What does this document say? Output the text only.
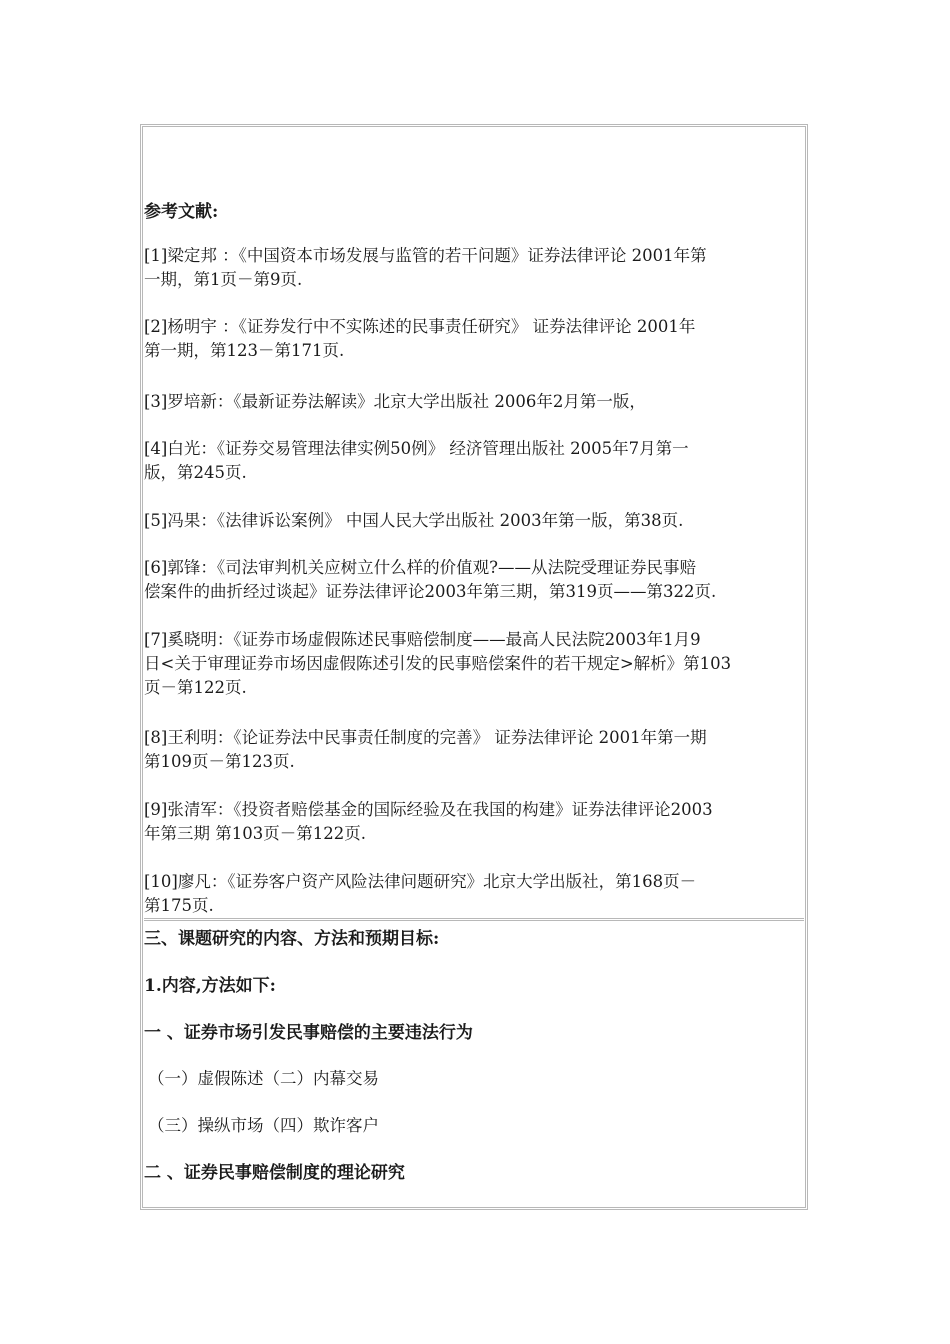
参考文献:
[1]梁定邦 ：《中国资本市场发展与监管的若干问题》证券法律评论 2001年第
一期，第1页－第9页.
[2]杨明宇 ：《证券发行中不实陈述的民事责任研究》 证券法律评论 2001年
第一期，第123－第171页.
[3]罗培新：《最新证券法解读》北京大学出版社 2006年2月第一版，
[4]白光：《证券交易管理法律实例50例》 经济管理出版社 2005年7月第一
版，第245页.
[5]冯果：《法律诉讼案例》 中国人民大学出版社 2003年第一版，第38页.
[6]郭锋：《司法审判机关应树立什么样的价值观?——从法院受理证券民事赔
偿案件的曲折经过谈起》证券法律评论2003年第三期，第319页——第322页.
[7]奚晓明：《证券市场虚假陈述民事赔偿制度——最高人民法院2003年1月9
日<关于审理证券市场因虚假陈述引发的民事赔偿案件的若干规定>解析》第103
页－第122页.
[8]王利明：《论证券法中民事责任制度的完善》 证券法律评论 2001年第一期
第109页－第123页.
[9]张清军：《投资者赔偿基金的国际经验及在我国的构建》证券法律评论2003
年第三期 第103页－第122页.
[10]廖凡：《证券客户资产风险法律问题研究》北京大学出版社，第168页－
第175页.
三、课题研究的内容、方法和预期目标:
1.内容,方法如下:
一 、证券市场引发民事赔偿的主要违法行为
（一）虚假陈述（二）内幕交易
（三）操纵市场（四）欺诈客户
二 、证券民事赔偿制度的理论研究
